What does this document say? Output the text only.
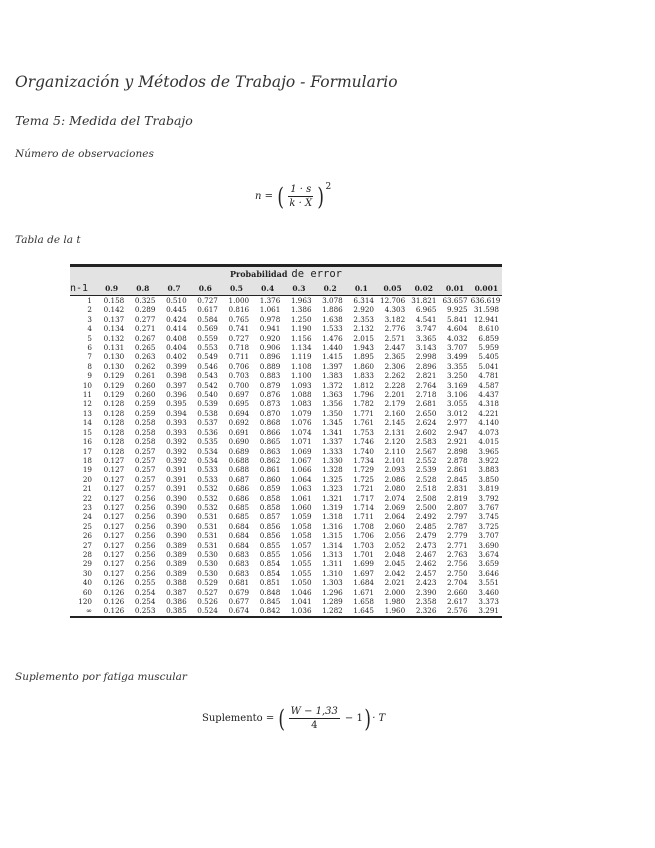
Organización y Métodos de Trabajo - Formulario
Tema 5: Medida del Trabajo

Número de observaciones

n = ( $\frac{1 \cdot s}{k \cdot X̄}$ ) 2

Tabla de la t

Probabilidad de error
n-1	0.9	0.8	0.7	0.6	0.5	0.4	0.3	0.2	0.1	0.05	0.02	0.01	0.001
1	0.158	0.325	0.510	0.727	1.000	1.376	1.963	3.078	6.314	12.706	31.821	63.657	636.619
2	0.142	0.289	0.445	0.617	0.816	1.061	1.386	1.886	2.920	4.303	6.965	9.925	31.598
3	0.137	0.277	0.424	0.584	0.765	0.978	1.250	1.638	2.353	3.182	4.541	5.841	12.941
4	0.134	0.271	0.414	0.569	0.741	0.941	1.190	1.533	2.132	2.776	3.747	4.604	8.610
5	0.132	0.267	0.408	0.559	0.727	0.920	1.156	1.476	2.015	2.571	3.365	4.032	6.859
6	0.131	0.265	0.404	0.553	0.718	0.906	1.134	1.440	1.943	2.447	3.143	3.707	5.959
7	0.130	0.263	0.402	0.549	0.711	0.896	1.119	1.415	1.895	2.365	2.998	3.499	5.405
8	0.130	0.262	0.399	0.546	0.706	0.889	1.108	1.397	1.860	2.306	2.896	3.355	5.041
9	0.129	0.261	0.398	0.543	0.703	0.883	1.100	1.383	1.833	2.262	2.821	3.250	4.781
10	0.129	0.260	0.397	0.542	0.700	0.879	1.093	1.372	1.812	2.228	2.764	3.169	4.587
11	0.129	0.260	0.396	0.540	0.697	0.876	1.088	1.363	1.796	2.201	2.718	3.106	4.437
12	0.128	0.259	0.395	0.539	0.695	0.873	1.083	1.356	1.782	2.179	2.681	3.055	4.318
13	0.128	0.259	0.394	0.538	0.694	0.870	1.079	1.350	1.771	2.160	2.650	3.012	4.221
14	0.128	0.258	0.393	0.537	0.692	0.868	1.076	1.345	1.761	2.145	2.624	2.977	4.140
15	0.128	0.258	0.393	0.536	0.691	0.866	1.074	1.341	1.753	2.131	2.602	2.947	4.073
16	0.128	0.258	0.392	0.535	0.690	0.865	1.071	1.337	1.746	2.120	2.583	2.921	4.015
17	0.128	0.257	0.392	0.534	0.689	0.863	1.069	1.333	1.740	2.110	2.567	2.898	3.965
18	0.127	0.257	0.392	0.534	0.688	0.862	1.067	1.330	1.734	2.101	2.552	2.878	3.922
19	0.127	0.257	0.391	0.533	0.688	0.861	1.066	1.328	1.729	2.093	2.539	2.861	3.883
20	0.127	0.257	0.391	0.533	0.687	0.860	1.064	1.325	1.725	2.086	2.528	2.845	3.850
21	0.127	0.257	0.391	0.532	0.686	0.859	1.063	1.323	1.721	2.080	2.518	2.831	3.819
22	0.127	0.256	0.390	0.532	0.686	0.858	1.061	1.321	1.717	2.074	2.508	2.819	3.792
23	0.127	0.256	0.390	0.532	0.685	0.858	1.060	1.319	1.714	2.069	2.500	2.807	3.767
24	0.127	0.256	0.390	0.531	0.685	0.857	1.059	1.318	1.711	2.064	2.492	2.797	3.745
25	0.127	0.256	0.390	0.531	0.684	0.856	1.058	1.316	1.708	2.060	2.485	2.787	3.725
26	0.127	0.256	0.390	0.531	0.684	0.856	1.058	1.315	1.706	2.056	2.479	2.779	3.707
27	0.127	0.256	0.389	0.531	0.684	0.855	1.057	1.314	1.703	2.052	2.473	2.771	3.690
28	0.127	0.256	0.389	0.530	0.683	0.855	1.056	1.313	1.701	2.048	2.467	2.763	3.674
29	0.127	0.256	0.389	0.530	0.683	0.854	1.055	1.311	1.699	2.045	2.462	2.756	3.659
30	0.127	0.256	0.389	0.530	0.683	0.854	1.055	1.310	1.697	2.042	2.457	2.750	3.646
40	0.126	0.255	0.388	0.529	0.681	0.851	1.050	1.303	1.684	2.021	2.423	2.704	3.551
60	0.126	0.254	0.387	0.527	0.679	0.848	1.046	1.296	1.671	2.000	2.390	2.660	3.460
120	0.126	0.254	0.386	0.526	0.677	0.845	1.041	1.289	1.658	1.980	2.358	2.617	3.373
∞	0.126	0.253	0.385	0.524	0.674	0.842	1.036	1.282	1.645	1.960	2.326	2.576	3.291

Suplemento por fatiga muscular

Suplemento = ( $\frac{W - 1,33}{4} - 1$ ) · T
